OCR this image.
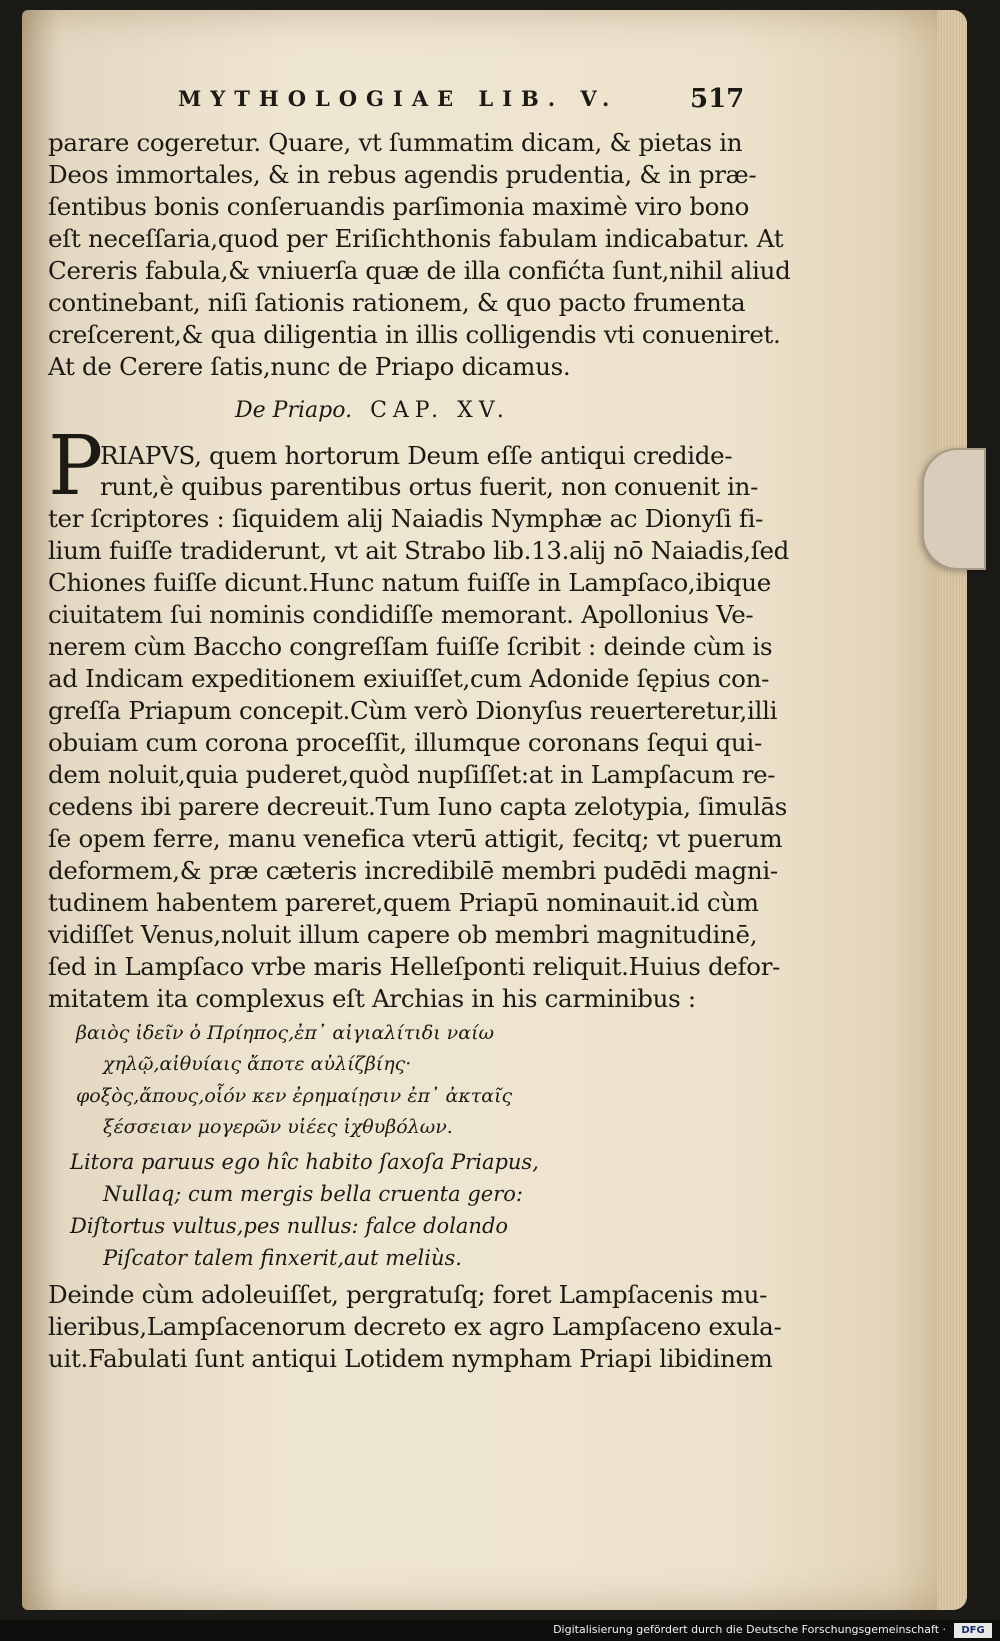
MYTHOLOGIAE LIB. V.	517
parare cogeretur. Quare, vt ſummatim dicam, & pietas in
Deos immortales, & in rebus agendis prudentia, & in præ-
ſentibus bonis conſeruandis parſimonia maximè viro bono
eſt neceſſaria,quod per Eriſichthonis fabulam indicabatur. At
Cereris fabula,& vniuerſa quæ de illa confićta ſunt,nihil aliud
continebant, niſi ſationis rationem, & quo pacto frumenta
creſcerent,& qua diligentia in illis colligendis vti conueniret.
At de Cerere ſatis,nunc de Priapo dicamus.
De Priapo. CAP. XV.
P
RIAPVS, quem hortorum Deum eſſe antiqui credide-
runt,è quibus parentibus ortus fuerit, non conuenit in-
ter ſcriptores : ſiquidem alij Naiadis Nymphæ ac Dionyſi fi-
lium fuiſſe tradiderunt, vt ait Strabo lib.13.alij nō Naiadis,ſed
Chiones fuiſſe dicunt.Hunc natum fuiſſe in Lampſaco,ibique
ciuitatem ſui nominis condidiſſe memorant. Apollonius Ve-
nerem cùm Baccho congreſſam fuiſſe ſcribit : deinde cùm is
ad Indicam expeditionem exiuiſſet,cum Adonide ſępius con-
greſſa Priapum concepit.Cùm verò Dionyſus reuerteretur,illi
obuiam cum corona proceſſit, illumque coronans ſequi qui-
dem noluit,quia puderet,quòd nupſiſſet:at in Lampſacum re-
cedens ibi parere decreuit.Tum Iuno capta zelotypia, ſimulās
ſe opem ferre, manu venefica vterū attigit, fecitq; vt puerum
deformem,& præ cæteris incredibilē membri pudēdi magni-
tudinem habentem pareret,quem Priapū nominauit.id cùm
vidiſſet Venus,noluit illum capere ob membri magnitudinē,
ſed in Lampſaco vrbe maris Helleſponti reliquit.Huius defor-
mitatem ita complexus eſt Archias in his carminibus :
βαιὸς ἰδεῖν ὁ Πρίηπος,ἐπ᾽ αἰγιαλίτιδι ναίω
χηλῷ,αἰθυίαις ἄποτε αὐλίζβίης·
φοξὸς,ἄπους,οἷόν κεν ἐρημαίῃσιν ἐπ᾽ ἀκταῖς
ξέσσειαν μογερῶν υἱέες ἰχθυβόλων.
Litora paruus ego hîc habito ſaxoſa Priapus,
Nullaq; cum mergis bella cruenta gero:
Diſtortus vultus,pes nullus: falce dolando
Piſcator talem finxerit,aut meliùs.
Deinde cùm adoleuiſſet, pergratuſq; foret Lampſacenis mu-
lieribus,Lampſacenorum decreto ex agro Lampſaceno exula-
uit.Fabulati ſunt antiqui Lotidem nympham Priapi libidinem
Digitalisierung gefördert durch die Deutsche Forschungsgemeinschaft ·	DFG
